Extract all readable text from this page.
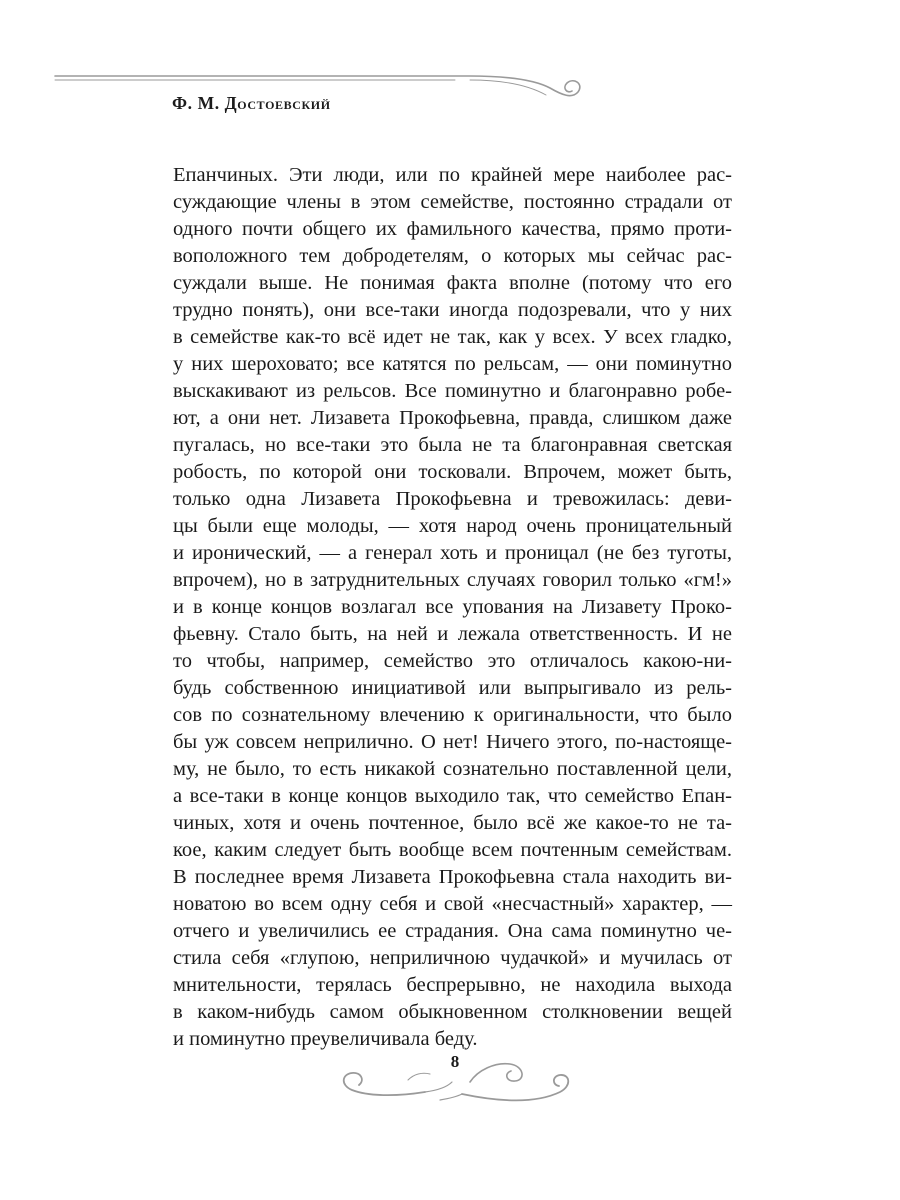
Ф. М. Достоевский
Епанчиных. Эти люди, или по крайней мере наиболее рас-
суждающие члены в этом семействе, постоянно страдали от
одного почти общего их фамильного качества, прямо проти-
воположного тем добродетелям, о которых мы сейчас рас-
суждали выше. Не понимая факта вполне (потому что его
трудно понять), они все-таки иногда подозревали, что у них
в семействе как-то всё идет не так, как у всех. У всех гладко,
у них шероховато; все катятся по рельсам, — они поминутно
выскакивают из рельсов. Все поминутно и благонравно робе-
ют, а они нет. Лизавета Прокофьевна, правда, слишком даже
пугалась, но все-таки это была не та благонравная светская
робость, по которой они тосковали. Впрочем, может быть,
только одна Лизавета Прокофьевна и тревожилась: деви-
цы были еще молоды, — хотя народ очень проницательный
и иронический, — а генерал хоть и проницал (не без туготы,
впрочем), но в затруднительных случаях говорил только «гм!»
и в конце концов возлагал все упования на Лизавету Проко-
фьевну. Стало быть, на ней и лежала ответственность. И не
то чтобы, например, семейство это отличалось какою-ни-
будь собственною инициативой или выпрыгивало из рель-
сов по сознательному влечению к оригинальности, что было
бы уж совсем неприлично. О нет! Ничего этого, по-настояще-
му, не было, то есть никакой сознательно поставленной цели,
а все-таки в конце концов выходило так, что семейство Епан-
чиных, хотя и очень почтенное, было всё же какое-то не та-
кое, каким следует быть вообще всем почтенным семействам.
В последнее время Лизавета Прокофьевна стала находить ви-
новатою во всем одну себя и свой «несчастный» характер, —
отчего и увеличились ее страдания. Она сама поминутно че-
стила себя «глупою, неприличною чудачкой» и мучилась от
мнительности, терялась беспрерывно, не находила выхода
в каком-нибудь самом обыкновенном столкновении вещей
и поминутно преувеличивала беду.
8
